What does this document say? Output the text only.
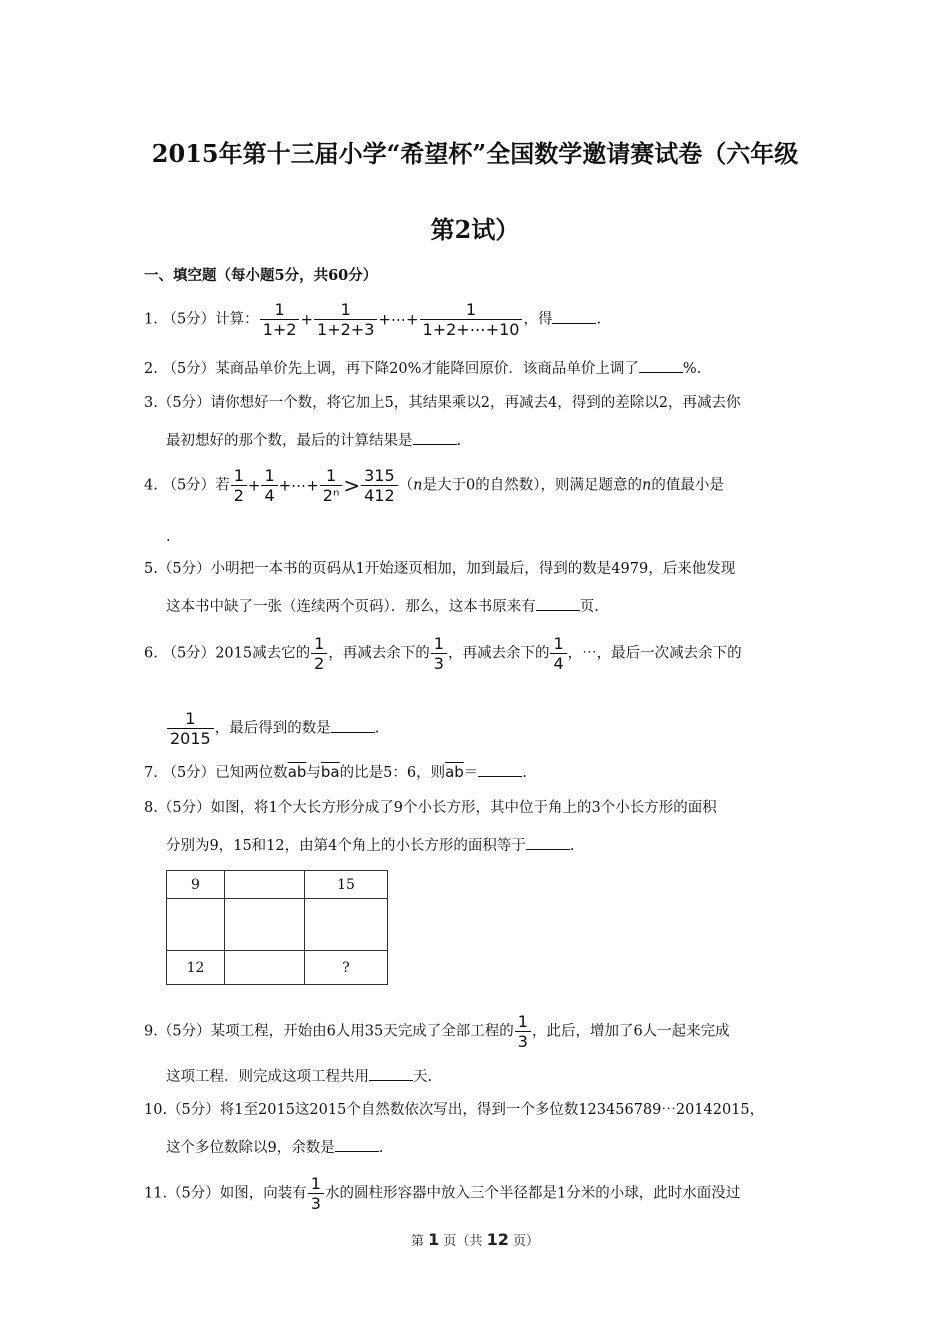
2015年第十三届小学“希望杯”全国数学邀请赛试卷（六年级
第2试）
一、填空题（每小题5分，共60分）
1. （5分）计算： $\frac{1}{1+2} + \frac{1}{1+2+3}$ +⋯+ $\frac{1}{1+2+\cdots+10}$ ，得	.
2. （5分）某商品单价先上调，再下降20%才能降回原价．该商品单价上调了	%.
3.（5分）请你想好一个数，将它加上5，其结果乘以2，再减去4，得到的差除以2，再减去你
最初想好的那个数，最后的计算结果是	.
4. （5分）若 $\frac{1}{2} + \frac{1}{4}$ +⋯+ $\frac{1}{\text{2ⁿ}} > \frac{315}{412} (n$是大于0的自然数），则满足题意的n的值最小是
.
5.（5分）小明把一本书的页码从1开始逐页相加，加到最后，得到的数是4979，后来他发现
这本书中缺了一张（连续两个页码）．那么，这本书原来有	页.
6. （5分）2015减去它的 $\frac{1}{2}$ ，再减去余下的 $\frac{1}{3}$ ，再减去余下的 $\frac{1}{4}$ ，⋯，最后一次减去余下的
$\frac{1}{2015}$ ，最后得到的数是	.
7. （5分）已知两位数$\overline{ab}$与$\overline{ba}$的比是5：6，则$\overline{ab}=$	.
8.（5分）如图，将1个大长方形分成了9个小长方形，其中位于角上的3个小长方形的面积
分别为9，15和12，由第4个角上的小长方形的面积等于	.
9		15

12		?
9.（5分）某项工程，开始由6人用35天完成了全部工程的 $\frac{1}{3}$ ，此后，增加了6人一起来完成
这项工程．则完成这项工程共用	天.
10.（5分）将1至2015这2015个自然数依次写出，得到一个多位数123456789⋯20142015，
这个多位数除以9，余数是	.
11.（5分）如图，向装有 $\frac{1}{3}$ 水的圆柱形容器中放入三个半径都是1分米的小球，此时水面没过
第 1 页（共 12 页）
